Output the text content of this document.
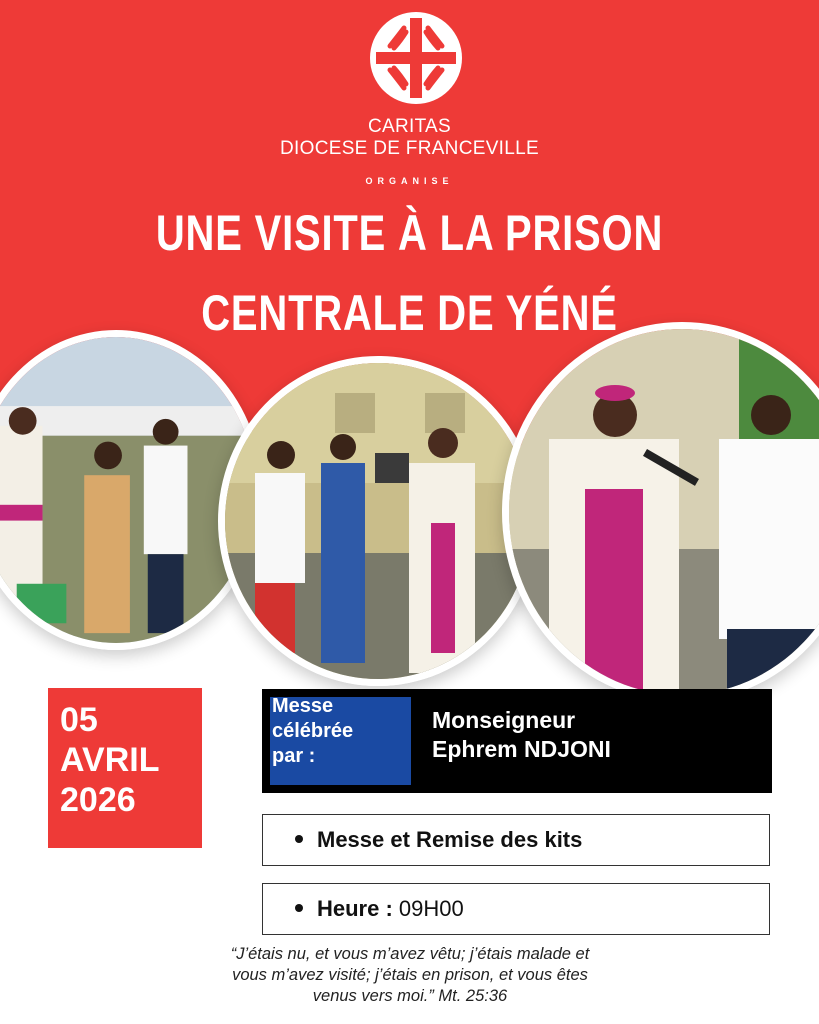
CARITAS
DIOCESE DE FRANCEVILLE
ORGANISE
UNE VISITE À LA PRISON
CENTRALE DE YÉNÉ
05
AVRIL
2026
Messe
célébrée
par :
Monseigneur
Ephrem NDJONI
Messe et Remise des kits
Heure : 09H00
“J’étais nu, et vous m’avez vêtu; j’étais malade et
vous m’avez visité; j’étais en prison, et vous êtes
venus vers moi.” Mt. 25:36
